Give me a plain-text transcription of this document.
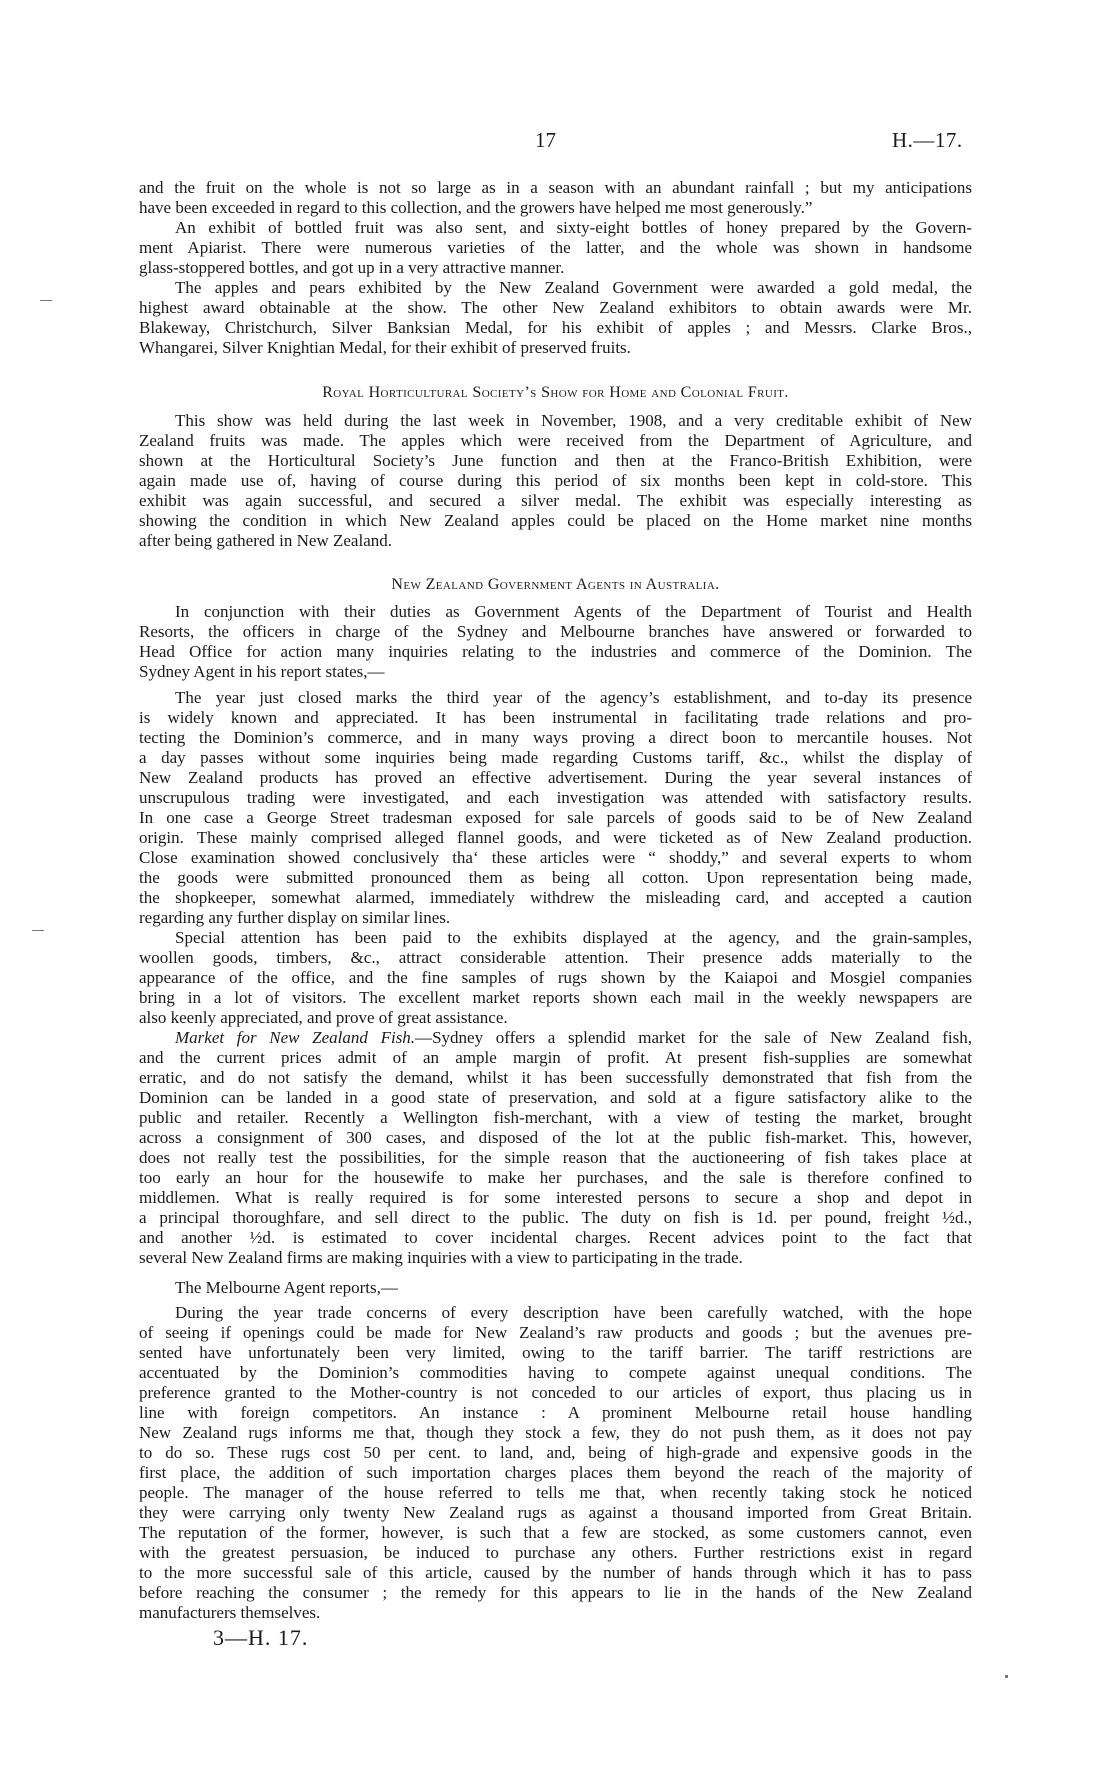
17	H.—17.
and the fruit on the whole is not so large as in a season with an abundant rainfall ; but my anticipations
have been exceeded in regard to this collection, and the growers have helped me most generously.”
An exhibit of bottled fruit was also sent, and sixty-eight bottles of honey prepared by the Govern-
ment Apiarist. There were numerous varieties of the latter, and the whole was shown in handsome
glass-stoppered bottles, and got up in a very attractive manner.
The apples and pears exhibited by the New Zealand Government were awarded a gold medal, the
highest award obtainable at the show. The other New Zealand exhibitors to obtain awards were Mr.
Blakeway, Christchurch, Silver Banksian Medal, for his exhibit of apples ; and Messrs. Clarke Bros.,
Whangarei, Silver Knightian Medal, for their exhibit of preserved fruits.
Royal Horticultural Society’s Show for Home and Colonial Fruit.
This show was held during the last week in November, 1908, and a very creditable exhibit of New
Zealand fruits was made. The apples which were received from the Department of Agriculture, and
shown at the Horticultural Society’s June function and then at the Franco-British Exhibition, were
again made use of, having of course during this period of six months been kept in cold-store. This
exhibit was again successful, and secured a silver medal. The exhibit was especially interesting as
showing the condition in which New Zealand apples could be placed on the Home market nine months
after being gathered in New Zealand.
New Zealand Government Agents in Australia.
In conjunction with their duties as Government Agents of the Department of Tourist and Health
Resorts, the officers in charge of the Sydney and Melbourne branches have answered or forwarded to
Head Office for action many inquiries relating to the industries and commerce of the Dominion. The
Sydney Agent in his report states,—
The year just closed marks the third year of the agency’s establishment, and to-day its presence
is widely known and appreciated. It has been instrumental in facilitating trade relations and pro-
tecting the Dominion’s commerce, and in many ways proving a direct boon to mercantile houses. Not
a day passes without some inquiries being made regarding Customs tariff, &c., whilst the display of
New Zealand products has proved an effective advertisement. During the year several instances of
unscrupulous trading were investigated, and each investigation was attended with satisfactory results.
In one case a George Street tradesman exposed for sale parcels of goods said to be of New Zealand
origin. These mainly comprised alleged flannel goods, and were ticketed as of New Zealand production.
Close examination showed conclusively tha‘ these articles were “ shoddy,” and several experts to whom
the goods were submitted pronounced them as being all cotton. Upon representation being made,
the shopkeeper, somewhat alarmed, immediately withdrew the misleading card, and accepted a caution
regarding any further display on similar lines.
Special attention has been paid to the exhibits displayed at the agency, and the grain-samples,
woollen goods, timbers, &c., attract considerable attention. Their presence adds materially to the
appearance of the office, and the fine samples of rugs shown by the Kaiapoi and Mosgiel companies
bring in a lot of visitors. The excellent market reports shown each mail in the weekly newspapers are
also keenly appreciated, and prove of great assistance.
Market for New Zealand Fish.—Sydney offers a splendid market for the sale of New Zealand fish,
and the current prices admit of an ample margin of profit. At present fish-supplies are somewhat
erratic, and do not satisfy the demand, whilst it has been successfully demonstrated that fish from the
Dominion can be landed in a good state of preservation, and sold at a figure satisfactory alike to the
public and retailer. Recently a Wellington fish-merchant, with a view of testing the market, brought
across a consignment of 300 cases, and disposed of the lot at the public fish-market. This, however,
does not really test the possibilities, for the simple reason that the auctioneering of fish takes place at
too early an hour for the housewife to make her purchases, and the sale is therefore confined to
middlemen. What is really required is for some interested persons to secure a shop and depot in
a principal thoroughfare, and sell direct to the public. The duty on fish is 1d. per pound, freight ½d.,
and another ½d. is estimated to cover incidental charges. Recent advices point to the fact that
several New Zealand firms are making inquiries with a view to participating in the trade.
The Melbourne Agent reports,—
During the year trade concerns of every description have been carefully watched, with the hope
of seeing if openings could be made for New Zealand’s raw products and goods ; but the avenues pre-
sented have unfortunately been very limited, owing to the tariff barrier. The tariff restrictions are
accentuated by the Dominion’s commodities having to compete against unequal conditions. The
preference granted to the Mother-country is not conceded to our articles of export, thus placing us in
line with foreign competitors. An instance : A prominent Melbourne retail house handling
New Zealand rugs informs me that, though they stock a few, they do not push them, as it does not pay
to do so. These rugs cost 50 per cent. to land, and, being of high-grade and expensive goods in the
first place, the addition of such importation charges places them beyond the reach of the majority of
people. The manager of the house referred to tells me that, when recently taking stock he noticed
they were carrying only twenty New Zealand rugs as against a thousand imported from Great Britain.
The reputation of the former, however, is such that a few are stocked, as some customers cannot, even
with the greatest persuasion, be induced to purchase any others. Further restrictions exist in regard
to the more successful sale of this article, caused by the number of hands through which it has to pass
before reaching the consumer ; the remedy for this appears to lie in the hands of the New Zealand
manufacturers themselves.
3—H. 17.
